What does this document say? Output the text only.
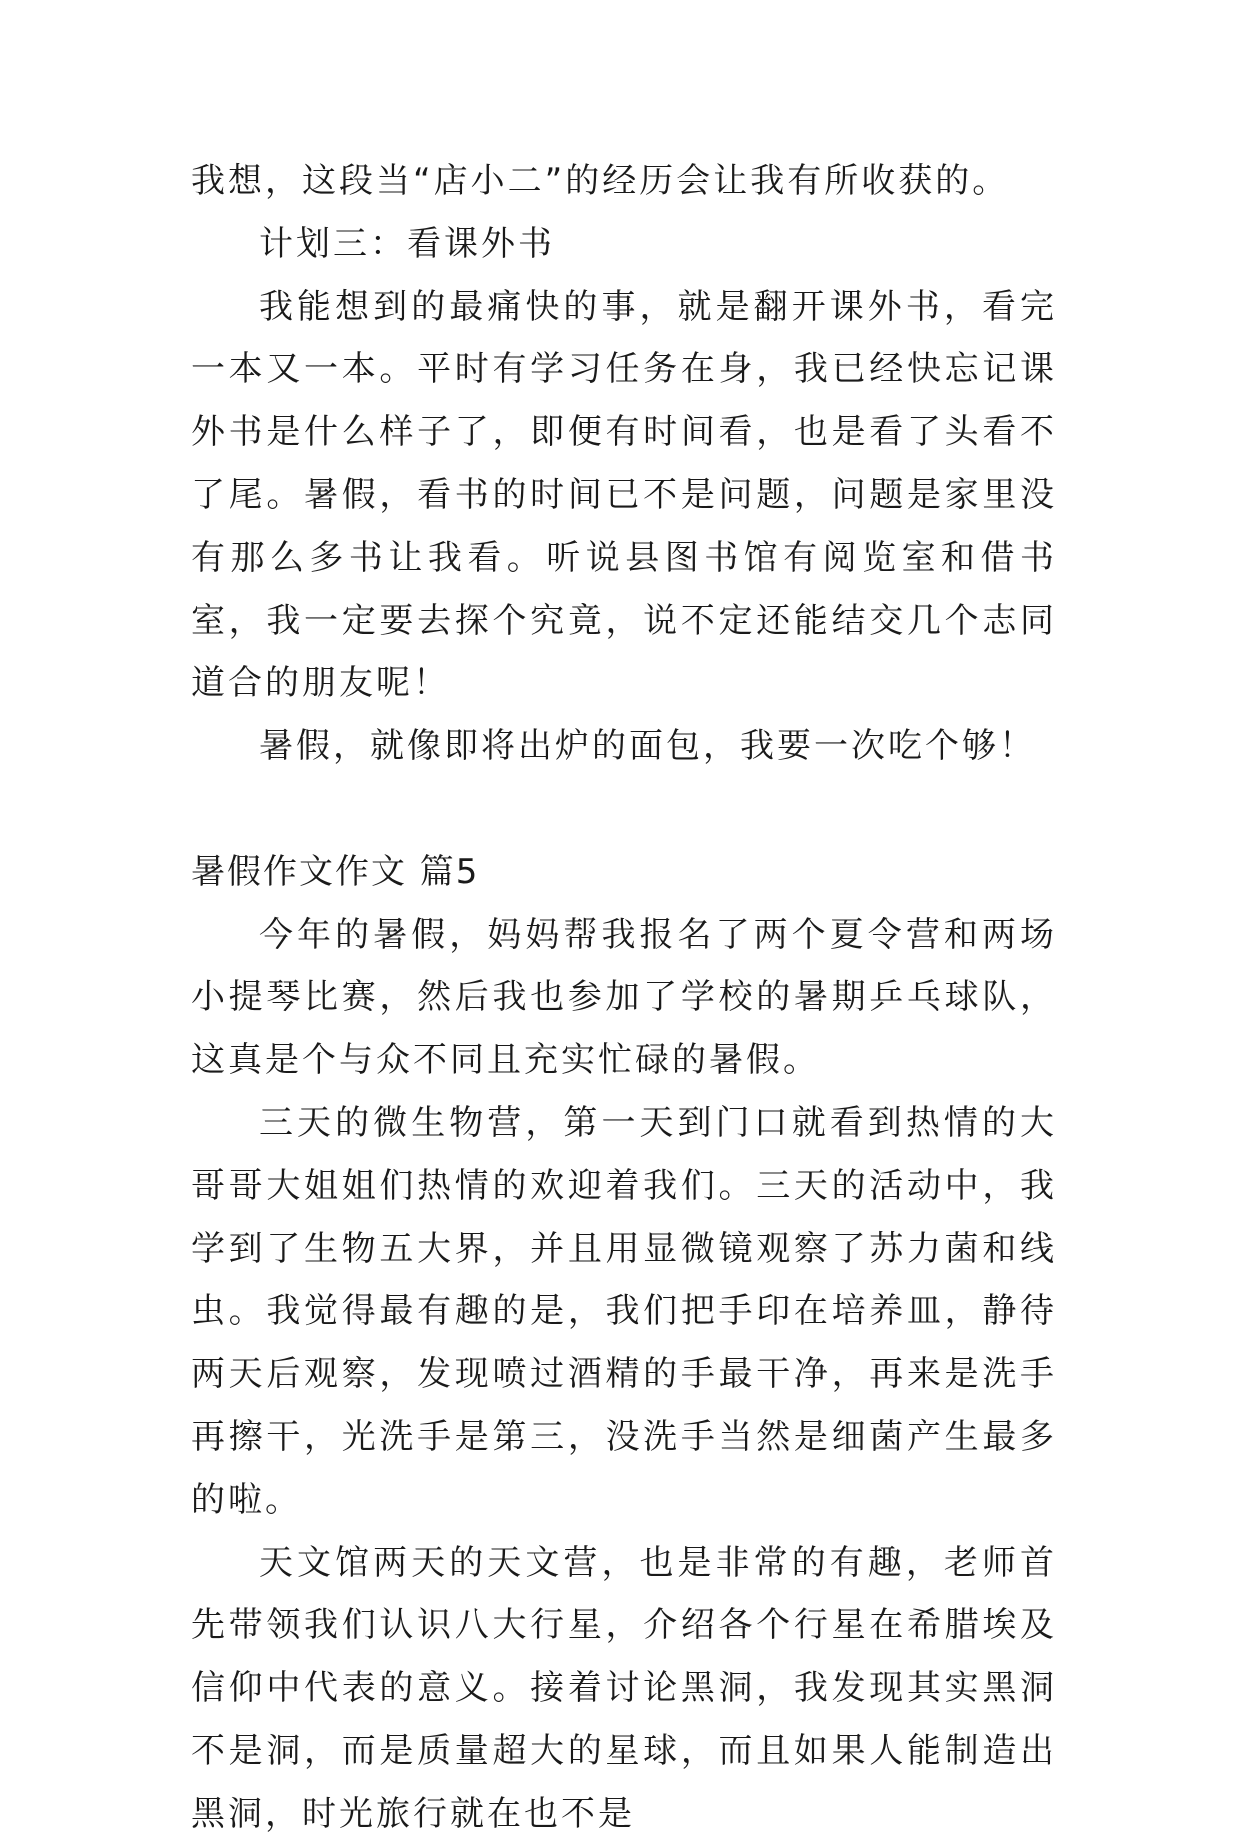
我想，这段当“店小二”的经历会让我有所收获的。

计划三：看课外书

我能想到的最痛快的事，就是翻开课外书，看完一本又一本。平时有学习任务在身，我已经快忘记课外书是什么样子了，即便有时间看，也是看了头看不了尾。暑假，看书的时间已不是问题，问题是家里没有那么多书让我看。听说县图书馆有阅览室和借书室，我一定要去探个究竟，说不定还能结交几个志同道合的朋友呢！

暑假，就像即将出炉的面包，我要一次吃个够！

暑假作文作文 篇5

今年的暑假，妈妈帮我报名了两个夏令营和两场小提琴比赛，然后我也参加了学校的暑期乒乓球队，这真是个与众不同且充实忙碌的暑假。

三天的微生物营，第一天到门口就看到热情的大哥哥大姐姐们热情的欢迎着我们。三天的活动中，我学到了生物五大界，并且用显微镜观察了苏力菌和线虫。我觉得最有趣的是，我们把手印在培养皿，静待两天后观察，发现喷过酒精的手最干净，再来是洗手再擦干，光洗手是第三，没洗手当然是细菌产生最多的啦。

天文馆两天的天文营，也是非常的有趣，老师首先带领我们认识八大行星，介绍各个行星在希腊埃及信仰中代表的意义。接着讨论黑洞，我发现其实黑洞不是洞，而是质量超大的星球，而且如果人能制造出黑洞，时光旅行就在也不是
